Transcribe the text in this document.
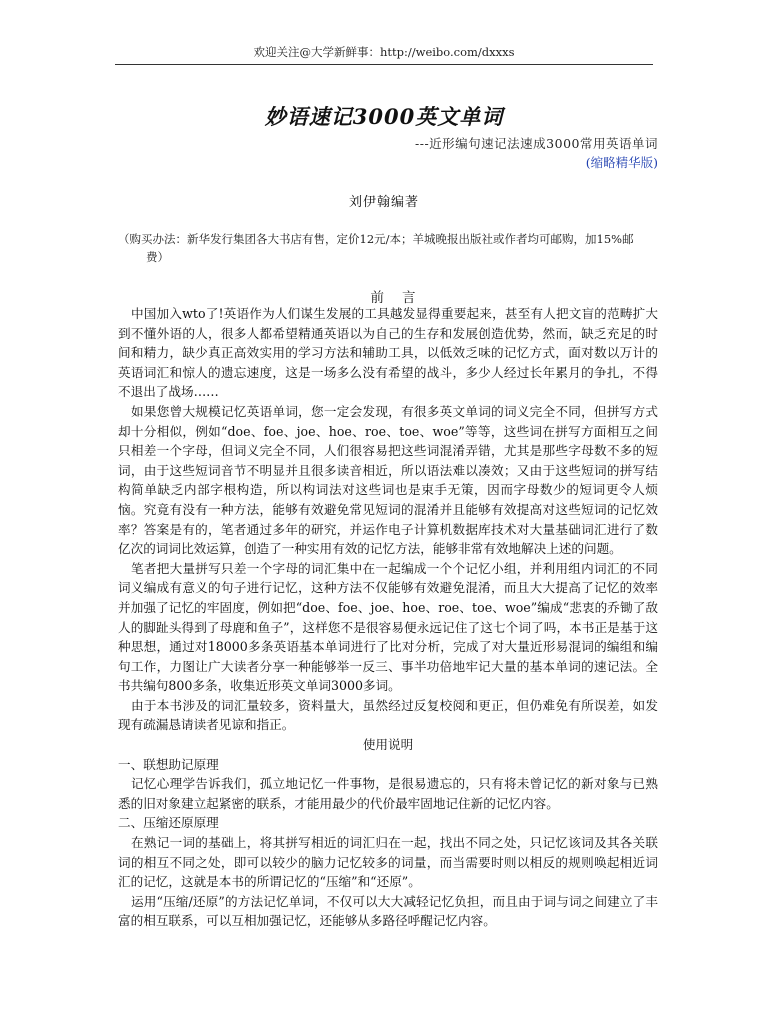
欢迎关注@大学新鲜事：http://weibo.com/dxxxs
妙语速记3000英文单词
---近形编句速记法速成3000常用英语单词
(缩略精华版)
刘伊翰编著
（购买办法：新华发行集团各大书店有售，定价12元/本；羊城晚报出版社或作者均可邮购，加15%邮
费）
前言

中国加入wto了!英语作为人们谋生发展的工具越发显得重要起来，甚至有人把文盲的范畴扩大到不懂外语的人，很多人都希望精通英语以为自己的生存和发展创造优势，然而，缺乏充足的时间和精力，缺少真正高效实用的学习方法和辅助工具，以低效乏味的记忆方式，面对数以万计的英语词汇和惊人的遗忘速度，这是一场多么没有希望的战斗，多少人经过长年累月的争扎，不得不退出了战场……

如果您曾大规模记忆英语单词，您一定会发现，有很多英文单词的词义完全不同，但拼写方式却十分相似，例如“doe、foe、joe、hoe、roe、toe、woe”等等，这些词在拼写方面相互之间只相差一个字母，但词义完全不同，人们很容易把这些词混淆弄错，尤其是那些字母数不多的短词，由于这些短词音节不明显并且很多读音相近，所以语法难以凑效；又由于这些短词的拼写结构简单缺乏内部字根构造，所以构词法对这些词也是束手无策，因而字母数少的短词更令人烦恼。究竟有没有一种方法，能够有效避免常见短词的混淆并且能够有效提高对这些短词的记忆效率？答案是有的，笔者通过多年的研究，并运作电子计算机数据库技术对大量基础词汇进行了数亿次的词词比效运算，创造了一种实用有效的记忆方法，能够非常有效地解决上述的问题。

笔者把大量拼写只差一个字母的词汇集中在一起编成一个个记忆小组，并利用组内词汇的不同词义编成有意义的句子进行记忆，这种方法不仅能够有效避免混淆，而且大大提高了记忆的效率并加强了记忆的牢固度，例如把“doe、foe、joe、hoe、roe、toe、woe”编成“悲衷的乔锄了敌人的脚趾头得到了母鹿和鱼子”，这样您不是很容易便永远记住了这七个词了吗，本书正是基于这种思想，通过对18000多条英语基本单词进行了比对分析，完成了对大量近形易混词的编组和编句工作，力图让广大读者分享一种能够举一反三、事半功倍地牢记大量的基本单词的速记法。全书共编句800多条，收集近形英文单词3000多词。

由于本书涉及的词汇量较多，资料量大，虽然经过反复校阅和更正，但仍难免有所误差，如发现有疏漏恳请读者见谅和指正。

使用说明

一、联想助记原理

记忆心理学告诉我们，孤立地记忆一件事物，是很易遗忘的，只有将未曾记忆的新对象与已熟悉的旧对象建立起紧密的联系，才能用最少的代价最牢固地记住新的记忆内容。

二、压缩还原原理

在熟记一词的基础上，将其拼写相近的词汇归在一起，找出不同之处，只记忆该词及其各关联词的相互不同之处，即可以较少的脑力记忆较多的词量，而当需要时则以相反的规则唤起相近词汇的记忆，这就是本书的所谓记忆的“压缩”和“还原”。

运用“压缩/还原”的方法记忆单词，不仅可以大大减轻记忆负担，而且由于词与词之间建立了丰富的相互联系，可以互相加强记忆，还能够从多路径呼醒记忆内容。
